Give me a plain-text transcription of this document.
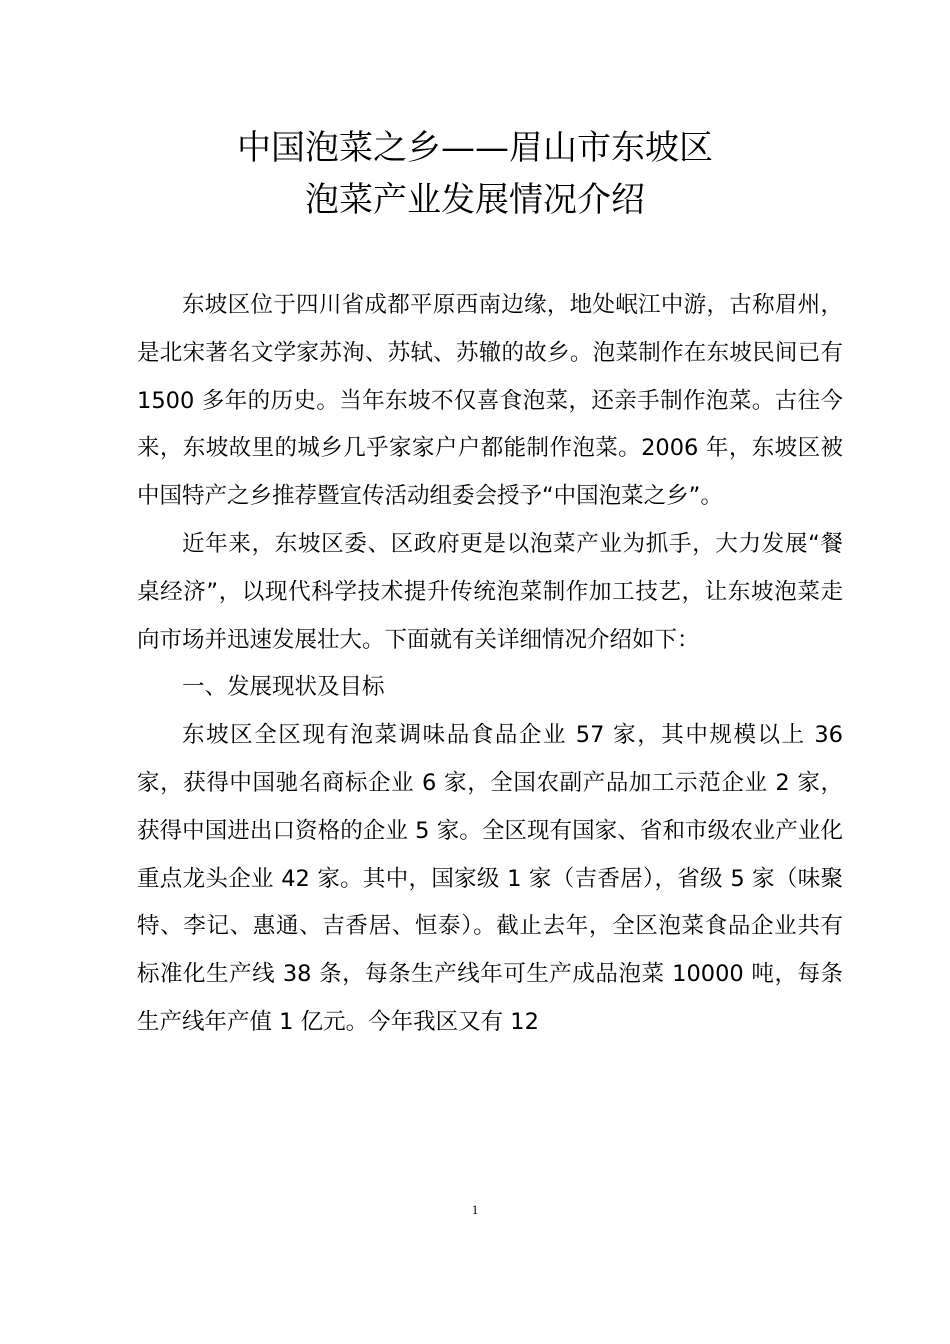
中国泡菜之乡——眉山市东坡区
泡菜产业发展情况介绍

东坡区位于四川省成都平原西南边缘，地处岷江中游，古称眉州，是北宋著名文学家苏洵、苏轼、苏辙的故乡。泡菜制作在东坡民间已有 1500 多年的历史。当年东坡不仅喜食泡菜，还亲手制作泡菜。古往今来，东坡故里的城乡几乎家家户户都能制作泡菜。2006 年，东坡区被中国特产之乡推荐暨宣传活动组委会授予“中国泡菜之乡”。

近年来，东坡区委、区政府更是以泡菜产业为抓手，大力发展“餐桌经济”，以现代科学技术提升传统泡菜制作加工技艺，让东坡泡菜走向市场并迅速发展壮大。下面就有关详细情况介绍如下：

一、发展现状及目标

东坡区全区现有泡菜调味品食品企业 57 家，其中规模以上 36 家，获得中国驰名商标企业 6 家，全国农副产品加工示范企业 2 家，获得中国进出口资格的企业 5 家。全区现有国家、省和市级农业产业化重点龙头企业 42 家。其中，国家级 1 家（吉香居），省级 5 家（味聚特、李记、惠通、吉香居、恒泰）。截止去年，全区泡菜食品企业共有标准化生产线 38 条，每条生产线年可生产成品泡菜 10000 吨，每条生产线年产值 1 亿元。今年我区又有 12

1
